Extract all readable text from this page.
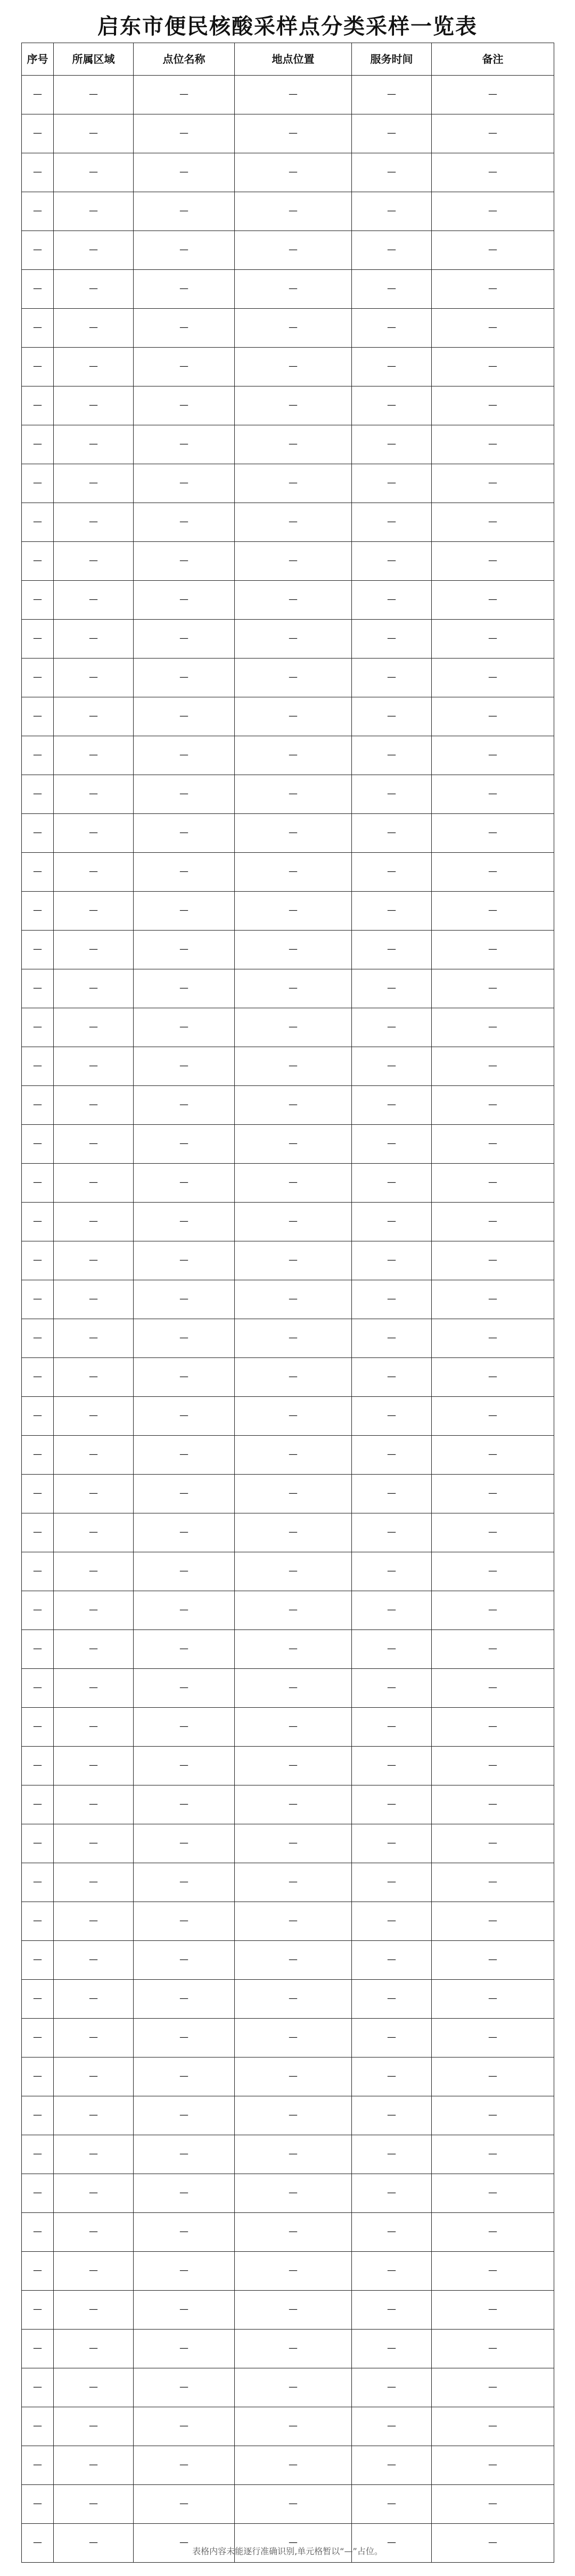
启东市便民核酸采样点分类采样一览表
序号	所属区域	点位名称	地点位置	服务时间	备注
—	—	—	—	—	—
—	—	—	—	—	—
—	—	—	—	—	—
—	—	—	—	—	—
—	—	—	—	—	—
—	—	—	—	—	—
—	—	—	—	—	—
—	—	—	—	—	—
—	—	—	—	—	—
—	—	—	—	—	—
—	—	—	—	—	—
—	—	—	—	—	—
—	—	—	—	—	—
—	—	—	—	—	—
—	—	—	—	—	—
—	—	—	—	—	—
—	—	—	—	—	—
—	—	—	—	—	—
—	—	—	—	—	—
—	—	—	—	—	—
—	—	—	—	—	—
—	—	—	—	—	—
—	—	—	—	—	—
—	—	—	—	—	—
—	—	—	—	—	—
—	—	—	—	—	—
—	—	—	—	—	—
—	—	—	—	—	—
—	—	—	—	—	—
—	—	—	—	—	—
—	—	—	—	—	—
—	—	—	—	—	—
—	—	—	—	—	—
—	—	—	—	—	—
—	—	—	—	—	—
—	—	—	—	—	—
—	—	—	—	—	—
—	—	—	—	—	—
—	—	—	—	—	—
—	—	—	—	—	—
—	—	—	—	—	—
—	—	—	—	—	—
—	—	—	—	—	—
—	—	—	—	—	—
—	—	—	—	—	—
—	—	—	—	—	—
—	—	—	—	—	—
—	—	—	—	—	—
—	—	—	—	—	—
—	—	—	—	—	—
—	—	—	—	—	—
—	—	—	—	—	—
—	—	—	—	—	—
—	—	—	—	—	—
—	—	—	—	—	—
—	—	—	—	—	—
—	—	—	—	—	—
—	—	—	—	—	—
—	—	—	—	—	—
—	—	—	—	—	—
—	—	—	—	—	—
—	—	—	—	—	—
—	—	—	—	—	—
—	—	—	—	—	—
表格内容未能逐行准确识别,单元格暂以“—”占位。
